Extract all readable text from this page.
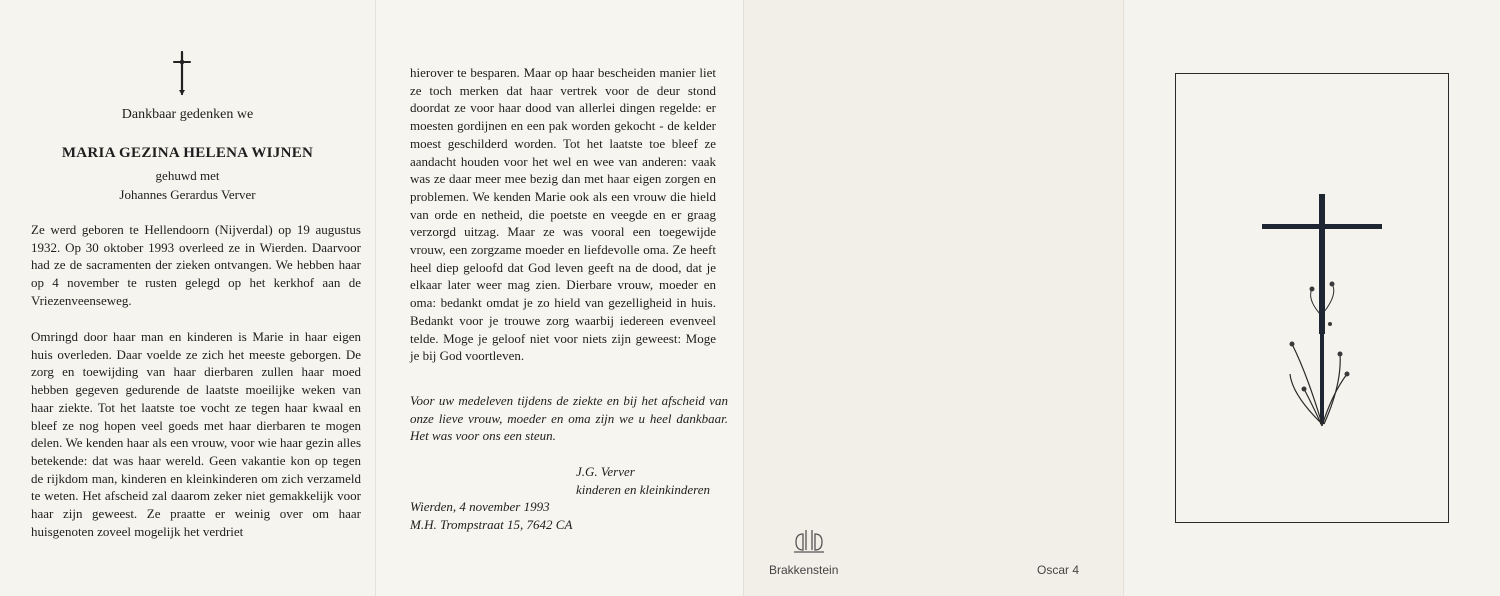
Dankbaar gedenken we
MARIA GEZINA HELENA WIJNEN
gehuwd met
Johannes Gerardus Verver

Ze werd geboren te Hellendoorn (Nijverdal) op 19 augustus 1932. Op 30 oktober 1993 overleed ze in Wierden. Daarvoor had ze de sacramenten der zieken ontvangen. We hebben haar op 4 november te rusten gelegd op het kerkhof aan de Vriezenveenseweg.

Omringd door haar man en kinderen is Marie in haar eigen huis overleden. Daar voelde ze zich het meeste geborgen. De zorg en toewijding van haar dierbaren zullen haar moed hebben gegeven gedurende de laatste moeilijke weken van haar ziekte. Tot het laatste toe vocht ze tegen haar kwaal en bleef ze nog hopen veel goeds met haar dierbaren te mogen delen. We kenden haar als een vrouw, voor wie haar gezin alles betekende: dat was haar wereld. Geen vakantie kon op tegen de rijkdom man, kinderen en kleinkinderen om zich verzameld te weten. Het afscheid zal daarom zeker niet gemakkelijk voor haar zijn geweest. Ze praatte er weinig over om haar huisgenoten zoveel mogelijk het verdriet

hierover te besparen. Maar op haar bescheiden manier liet ze toch merken dat haar vertrek voor de deur stond doordat ze voor haar dood van allerlei dingen regelde: er moesten gordijnen en een pak worden gekocht - de kelder moest geschilderd worden. Tot het laatste toe bleef ze aandacht houden voor het wel en wee van anderen: vaak was ze daar meer mee bezig dan met haar eigen zorgen en problemen. We kenden Marie ook als een vrouw die hield van orde en netheid, die poetste en veegde en er graag verzorgd uitzag. Maar ze was vooral een toegewijde vrouw, een zorgzame moeder en liefdevolle oma. Ze heeft heel diep geloofd dat God leven geeft na de dood, dat je elkaar later weer mag zien. Dierbare vrouw, moeder en oma: bedankt omdat je zo hield van gezelligheid in huis. Bedankt voor je trouwe zorg waarbij iedereen evenveel telde. Moge je geloof niet voor niets zijn geweest: Moge je bij God voortleven.

Voor uw medeleven tijdens de ziekte en bij het afscheid van onze lieve vrouw, moeder en oma zijn we u heel dankbaar. Het was voor ons een steun.

J.G. Verver
kinderen en kleinkinderen
Wierden, 4 november 1993
M.H. Trompstraat 15, 7642 CA
Brakkenstein	Oscar 4
